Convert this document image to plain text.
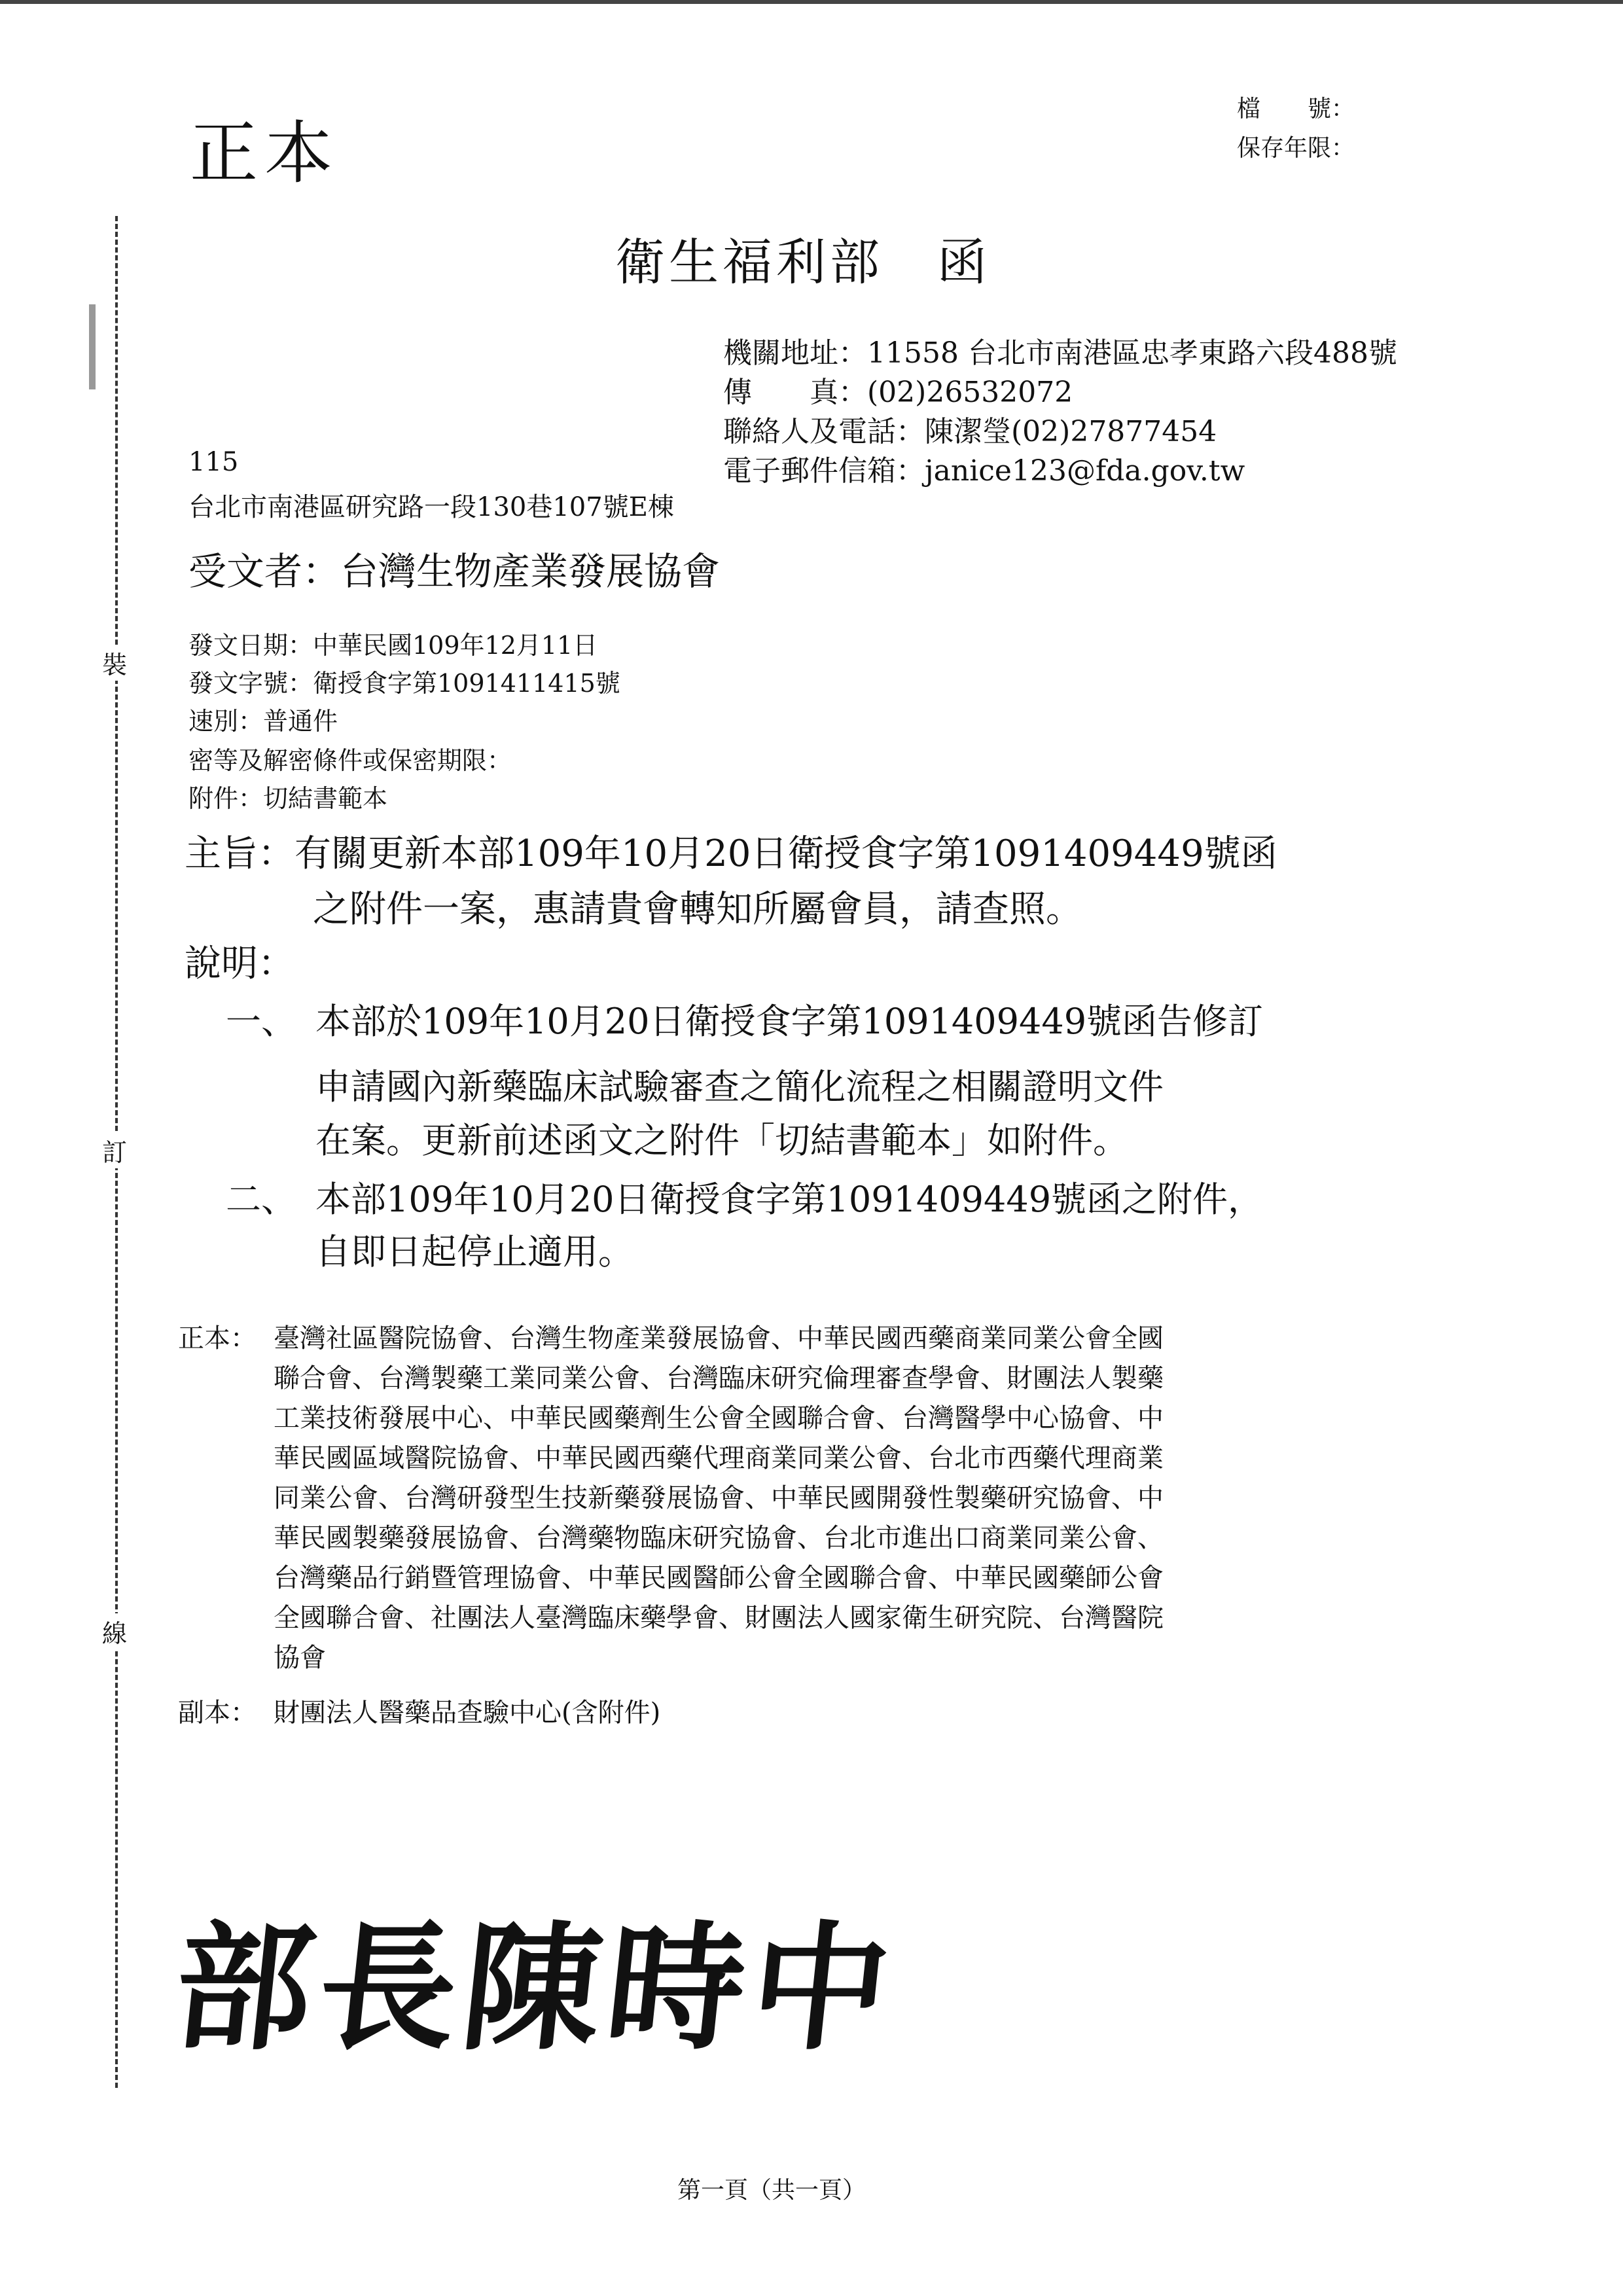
裝
訂
線
正本
檔　　號：
保存年限：
衛生福利部　函
機關地址：11558 台北市南港區忠孝東路六段488號
傳　　真：(02)26532072
聯絡人及電話：陳潔瑩(02)27877454
電子郵件信箱：janice123@fda.gov.tw
115
台北市南港區研究路一段130巷107號E棟
受文者：台灣生物產業發展協會
發文日期：中華民國109年12月11日
發文字號：衛授食字第1091411415號
速別：普通件
密等及解密條件或保密期限：
附件：切結書範本
主旨：有關更新本部109年10月20日衛授食字第1091409449號函
之附件一案，惠請貴會轉知所屬會員，請查照。
說明：
一、 本部於109年10月20日衛授食字第1091409449號函告修訂
申請國內新藥臨床試驗審查之簡化流程之相關證明文件
在案。更新前述函文之附件「切結書範本」如附件。
二、 本部109年10月20日衛授食字第1091409449號函之附件，
自即日起停止適用。
正本： 臺灣社區醫院協會、台灣生物產業發展協會、中華民國西藥商業同業公會全國
聯合會、台灣製藥工業同業公會、台灣臨床研究倫理審查學會、財團法人製藥
工業技術發展中心、中華民國藥劑生公會全國聯合會、台灣醫學中心協會、中
華民國區域醫院協會、中華民國西藥代理商業同業公會、台北市西藥代理商業
同業公會、台灣研發型生技新藥發展協會、中華民國開發性製藥研究協會、中
華民國製藥發展協會、台灣藥物臨床研究協會、台北市進出口商業同業公會、
台灣藥品行銷暨管理協會、中華民國醫師公會全國聯合會、中華民國藥師公會
全國聯合會、社團法人臺灣臨床藥學會、財團法人國家衛生研究院、台灣醫院
協會
副本： 財團法人醫藥品查驗中心(含附件)
部長陳時中
第一頁（共一頁）
